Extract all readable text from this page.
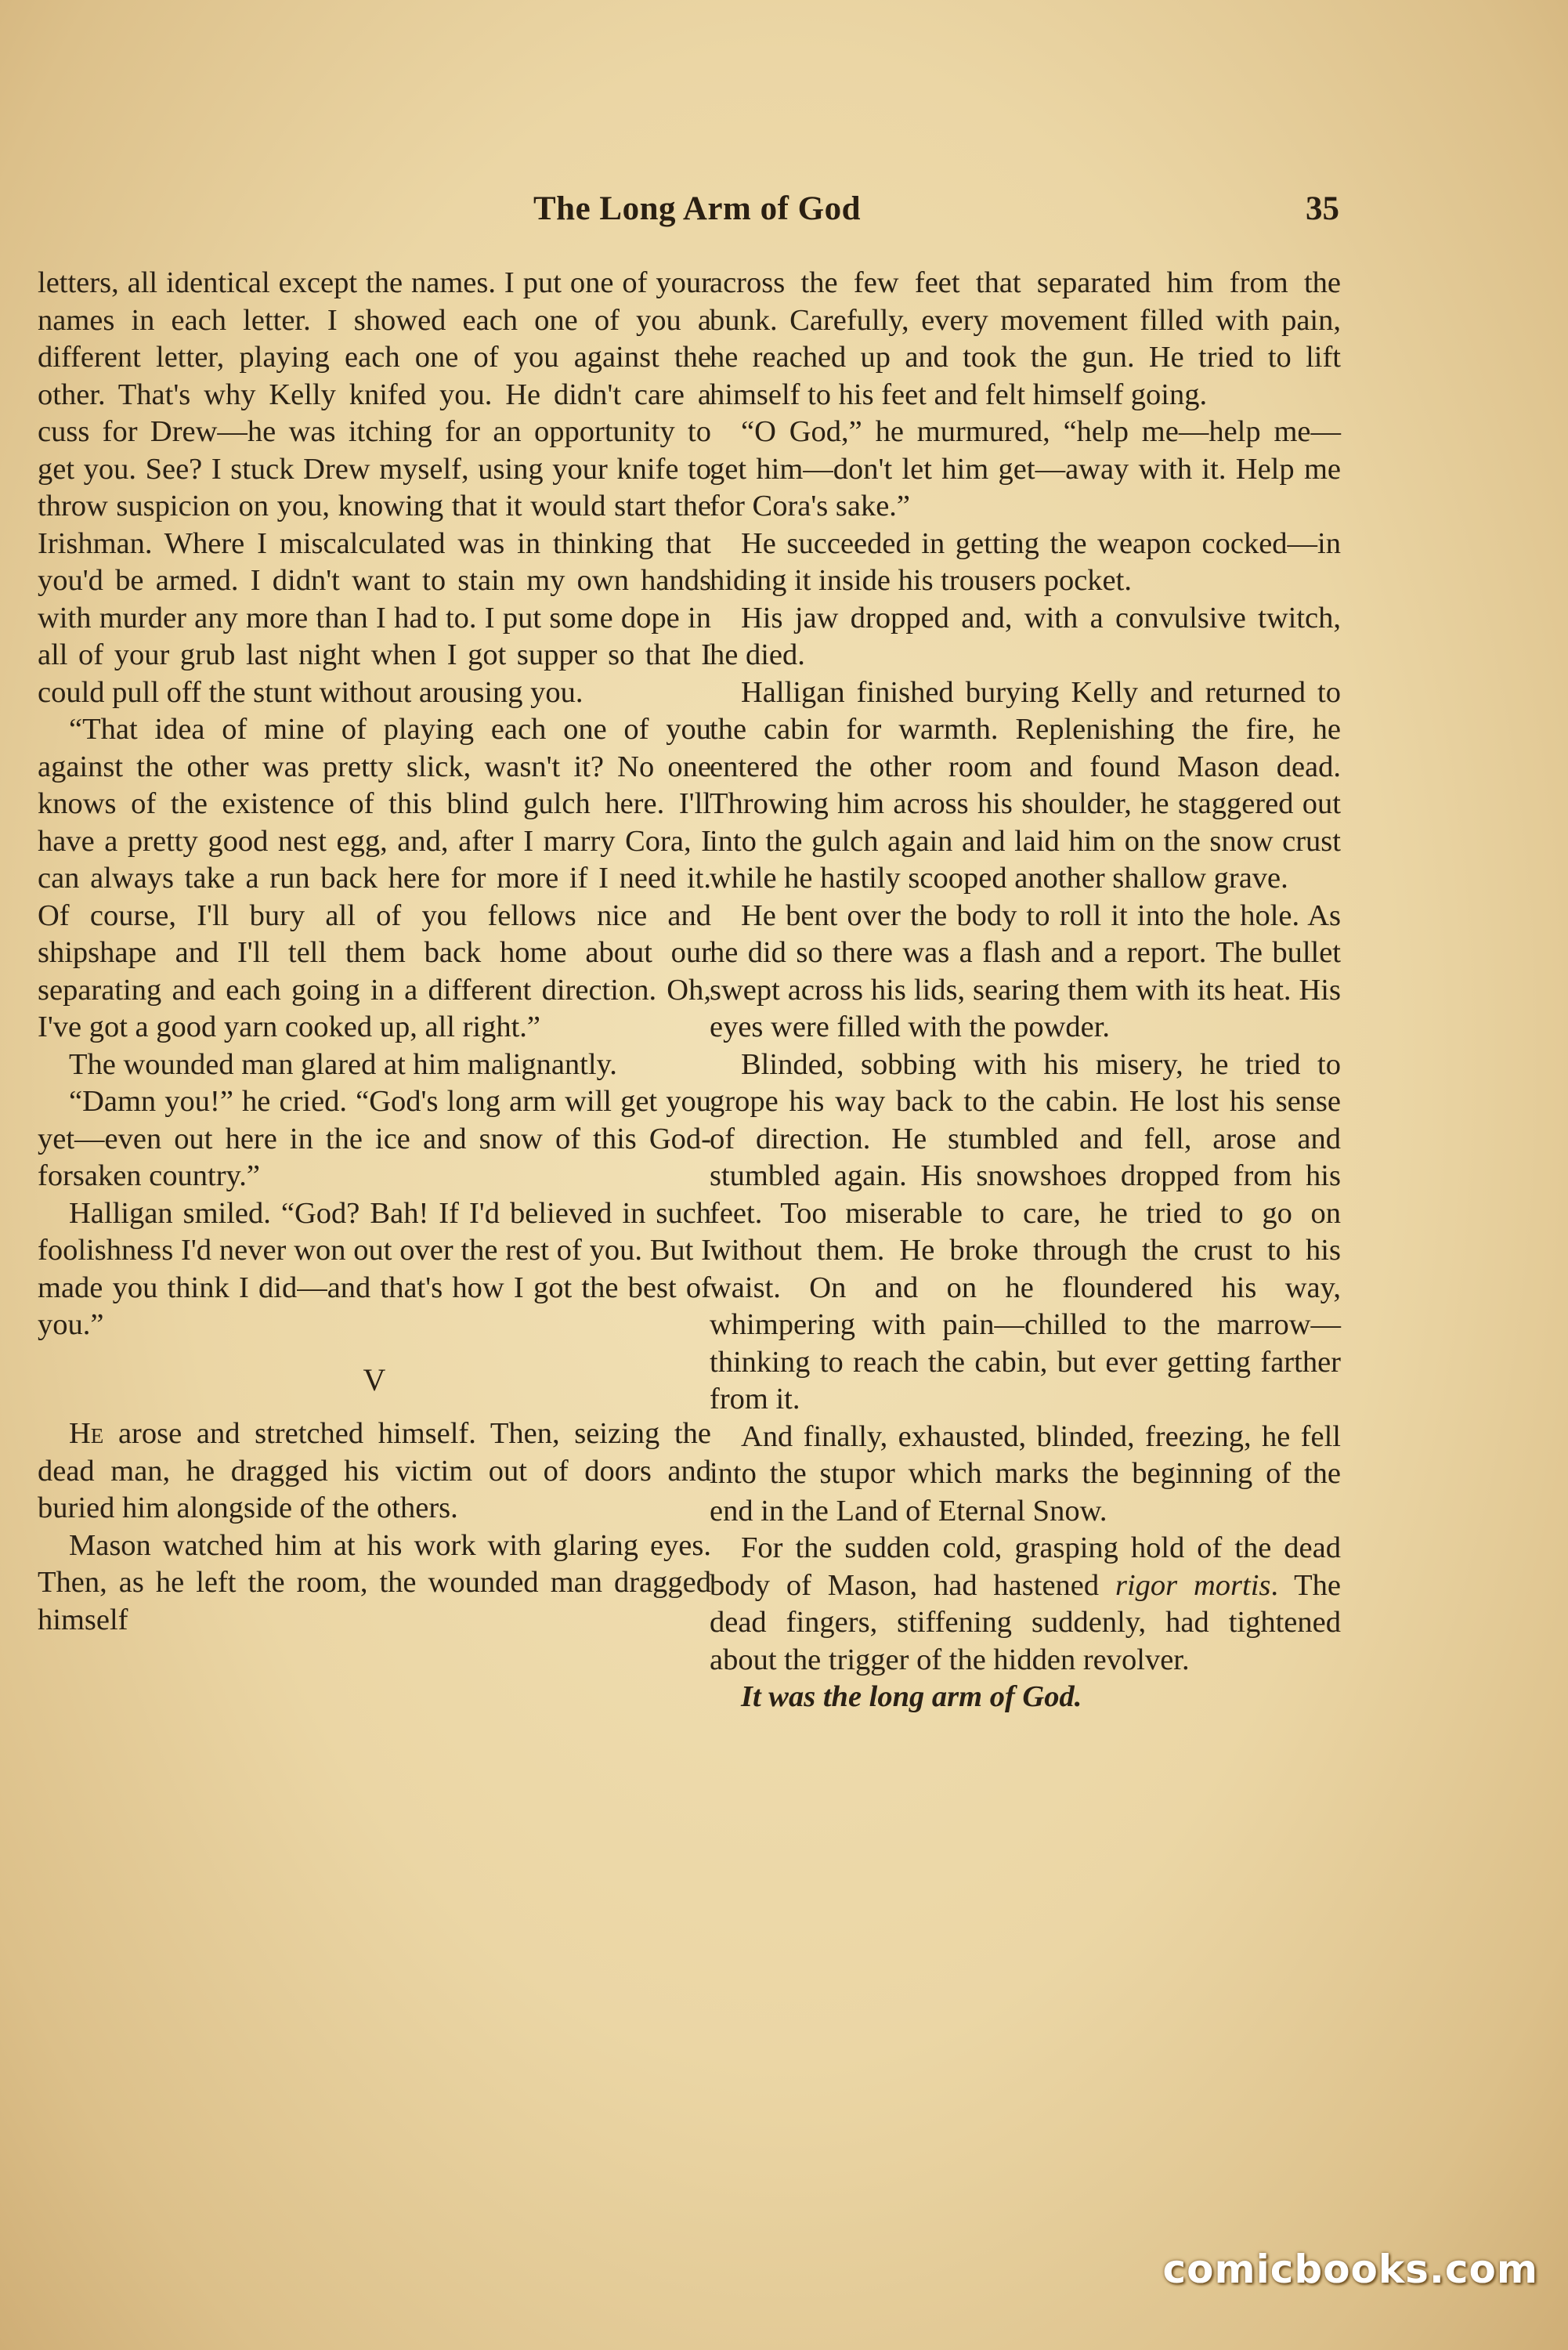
The Long Arm of God	35

letters, all identical except the names. I put one of your names in each letter. I showed each one of you a different letter, playing each one of you against the other. That's why Kelly knifed you. He didn't care a cuss for Drew—he was itching for an opportunity to get you. See? I stuck Drew myself, using your knife to throw suspicion on you, knowing that it would start the Irishman. Where I miscalculated was in thinking that you'd be armed. I didn't want to stain my own hands with murder any more than I had to. I put some dope in all of your grub last night when I got supper so that I could pull off the stunt without arousing you.

“That idea of mine of playing each one of you against the other was pretty slick, wasn't it? No one knows of the existence of this blind gulch here. I'll have a pretty good nest egg, and, after I marry Cora, I can always take a run back here for more if I need it. Of course, I'll bury all of you fellows nice and shipshape and I'll tell them back home about our separating and each going in a different direction. Oh, I've got a good yarn cooked up, all right.”

The wounded man glared at him malignantly.

“Damn you!” he cried. “God's long arm will get you yet—even out here in the ice and snow of this God-forsaken country.”

Halligan smiled. “God? Bah! If I'd believed in such foolishness I'd never won out over the rest of you. But I made you think I did—and that's how I got the best of you.”

V

He arose and stretched himself. Then, seizing the dead man, he dragged his victim out of doors and buried him alongside of the others.

Mason watched him at his work with glaring eyes. Then, as he left the room, the wounded man dragged himself

across the few feet that separated him from the bunk. Carefully, every movement filled with pain, he reached up and took the gun. He tried to lift himself to his feet and felt himself going.

“O God,” he murmured, “help me—help me—get him—don't let him get—away with it. Help me for Cora's sake.”

He succeeded in getting the weapon cocked—in hiding it inside his trousers pocket.

His jaw dropped and, with a convulsive twitch, he died.

Halligan finished burying Kelly and returned to the cabin for warmth. Replenishing the fire, he entered the other room and found Mason dead. Throwing him across his shoulder, he staggered out into the gulch again and laid him on the snow crust while he hastily scooped another shallow grave.

He bent over the body to roll it into the hole. As he did so there was a flash and a report. The bullet swept across his lids, searing them with its heat. His eyes were filled with the powder.

Blinded, sobbing with his misery, he tried to grope his way back to the cabin. He lost his sense of direction. He stumbled and fell, arose and stumbled again. His snowshoes dropped from his feet. Too miserable to care, he tried to go on without them. He broke through the crust to his waist. On and on he floundered his way, whimpering with pain—chilled to the marrow—thinking to reach the cabin, but ever getting farther from it.

And finally, exhausted, blinded, freezing, he fell into the stupor which marks the beginning of the end in the Land of Eternal Snow.

For the sudden cold, grasping hold of the dead body of Mason, had hastened rigor mortis. The dead fingers, stiffening suddenly, had tightened about the trigger of the hidden revolver.

It was the long arm of God.

comicbooks.com
